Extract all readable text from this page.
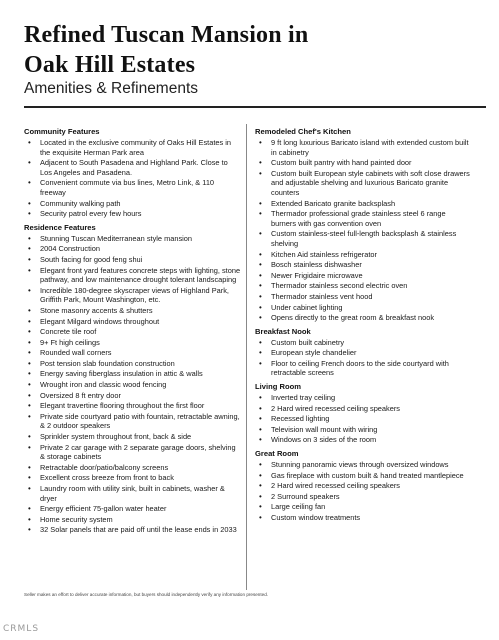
Refined Tuscan Mansion in
Oak Hill Estates
Amenities & Refinements
Community Features
• Located in the exclusive community of Oaks Hill Estates in the exquisite Herman Park area
• Adjacent to South Pasadena and Highland Park. Close to Los Angeles and Pasadena.
• Convenient commute via bus lines, Metro Link, & 110 freeway
• Community walking path
• Security patrol every few hours
Residence Features
• Stunning Tuscan Mediterranean style mansion
• 2004 Construction
• South facing for good feng shui
• Elegant front yard features concrete steps with lighting, stone pathway, and low maintenance drought tolerant landscaping
• Incredible 180-degree skyscraper views of Highland Park, Griffith Park, Mount Washington, etc.
• Stone masonry accents & shutters
• Elegant Milgard windows throughout
• Concrete tile roof
• 9+ Ft high ceilings
• Rounded wall corners
• Post tension slab foundation construction
• Energy saving fiberglass insulation in attic & walls
• Wrought iron and classic wood fencing
• Oversized 8 ft entry door
• Elegant travertine flooring throughout the first floor
• Private side courtyard patio with fountain, retractable awning, & 2 outdoor speakers
• Sprinkler system throughout front, back & side
• Private 2 car garage with 2 separate garage doors, shelving & storage cabinets
• Retractable door/patio/balcony screens
• Excellent cross breeze from front to back
• Laundry room with utility sink, built in cabinets, washer & dryer
• Energy efficient 75-gallon water heater
• Home security system
• 32 Solar panels that are paid off until the lease ends in 2033
Remodeled Chef's Kitchen
• 9 ft long luxurious Baricato island with extended custom built in cabinetry
• Custom built pantry with hand painted door
• Custom built European style cabinets with soft close drawers and adjustable shelving and luxurious Baricato granite counters
• Extended Baricato granite backsplash
• Thermador professional grade stainless steel 6 range burners with gas convention oven
• Custom stainless-steel full-length backsplash & stainless shelving
• Kitchen Aid stainless refrigerator
• Bosch stainless dishwasher
• Newer Frigidaire microwave
• Thermador stainless second electric oven
• Thermador stainless vent hood
• Under cabinet lighting
• Opens directly to the great room & breakfast nook
Breakfast Nook
• Custom built cabinetry
• European style chandelier
• Floor to ceiling French doors to the side courtyard with retractable screens
Living Room
• Inverted tray ceiling
• 2 Hard wired recessed ceiling speakers
• Recessed lighting
• Television wall mount with wiring
• Windows on 3 sides of the room
Great Room
• Stunning panoramic views through oversized windows
• Gas fireplace with custom built & hand treated mantlepiece
• 2 Hard wired recessed ceiling speakers
• 2 Surround speakers
• Large ceiling fan
• Custom window treatments
Seller makes an effort to deliver accurate information, but buyers should independently verify any information presented.
CRMLS
